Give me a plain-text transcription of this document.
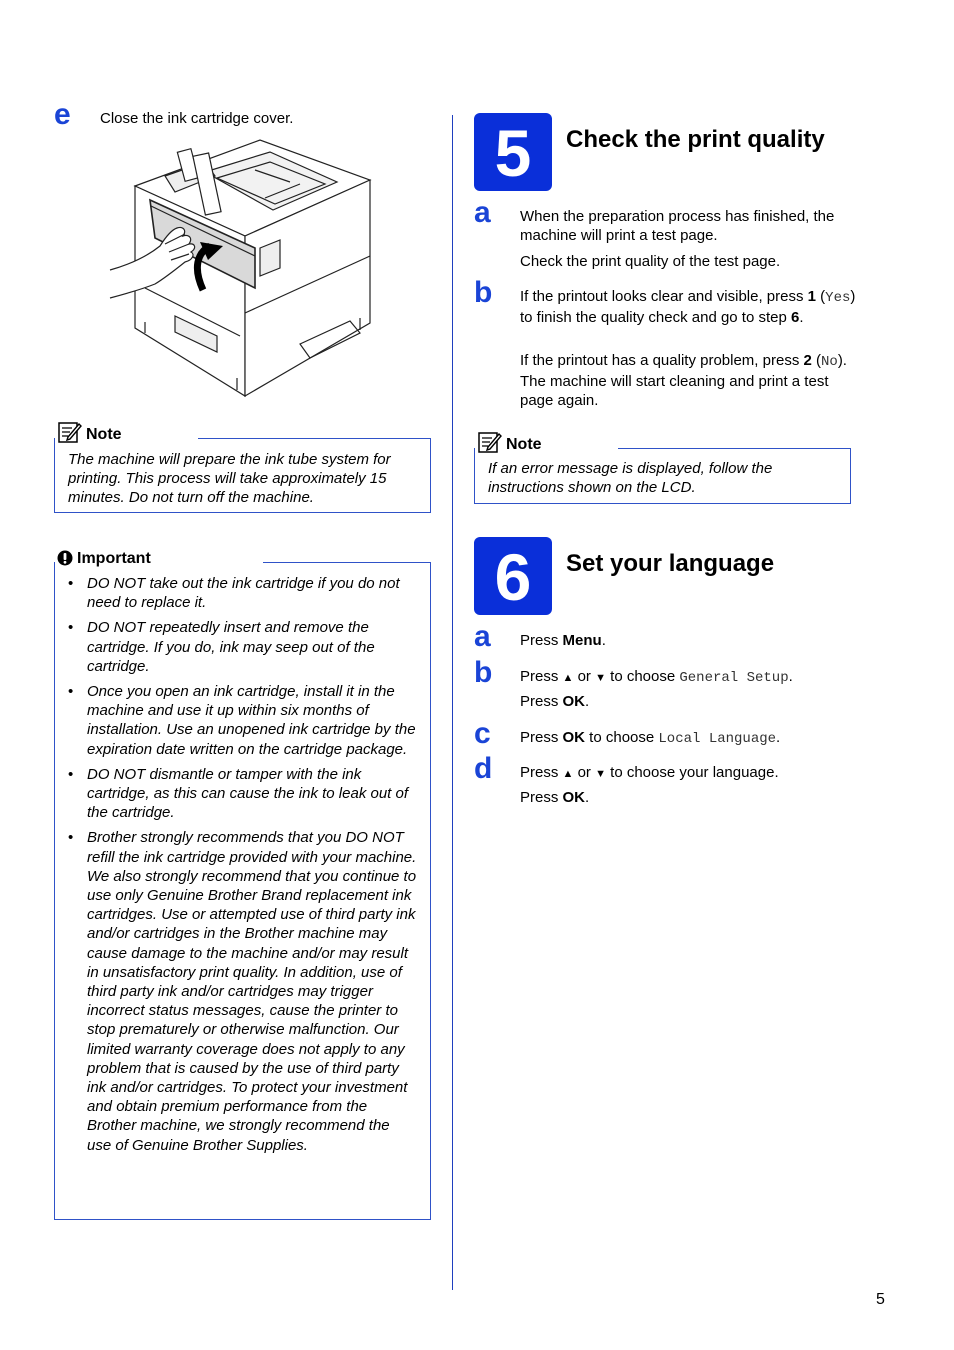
e Close the ink cartridge cover.
Note
The machine will prepare the ink tube system for printing. This process will take approximately 15 minutes. Do not turn off the machine.
Important
• DO NOT take out the ink cartridge if you do not need to replace it.
• DO NOT repeatedly insert and remove the cartridge. If you do, ink may seep out of the cartridge.
• Once you open an ink cartridge, install it in the machine and use it up within six months of installation. Use an unopened ink cartridge by the expiration date written on the cartridge package.
• DO NOT dismantle or tamper with the ink cartridge, as this can cause the ink to leak out of the cartridge.
• Brother strongly recommends that you DO NOT refill the ink cartridge provided with your machine. We also strongly recommend that you continue to use only Genuine Brother Brand replacement ink cartridges. Use or attempted use of third party ink and/or cartridges in the Brother machine may cause damage to the machine and/or may result in unsatisfactory print quality. In addition, use of third party ink and/or cartridges may trigger incorrect status messages, cause the printer to stop prematurely or otherwise malfunction. Our limited warranty coverage does not apply to any problem that is caused by the use of third party ink and/or cartridges. To protect your investment and obtain premium performance from the Brother machine, we strongly recommend the use of Genuine Brother Supplies.
5	Check the print quality
a When the preparation process has finished, the machine will print a test page.
Check the print quality of the test page.
b If the printout looks clear and visible, press 1 (Yes) to finish the quality check and go to step 6.
If the printout has a quality problem, press 2 (No). The machine will start cleaning and print a test page again.
Note
If an error message is displayed, follow the instructions shown on the LCD.
6	Set your language
a Press Menu.
b Press ▲ or ▼ to choose General Setup.
Press OK.
c Press OK to choose Local Language.
d Press ▲ or ▼ to choose your language.
Press OK.
5
